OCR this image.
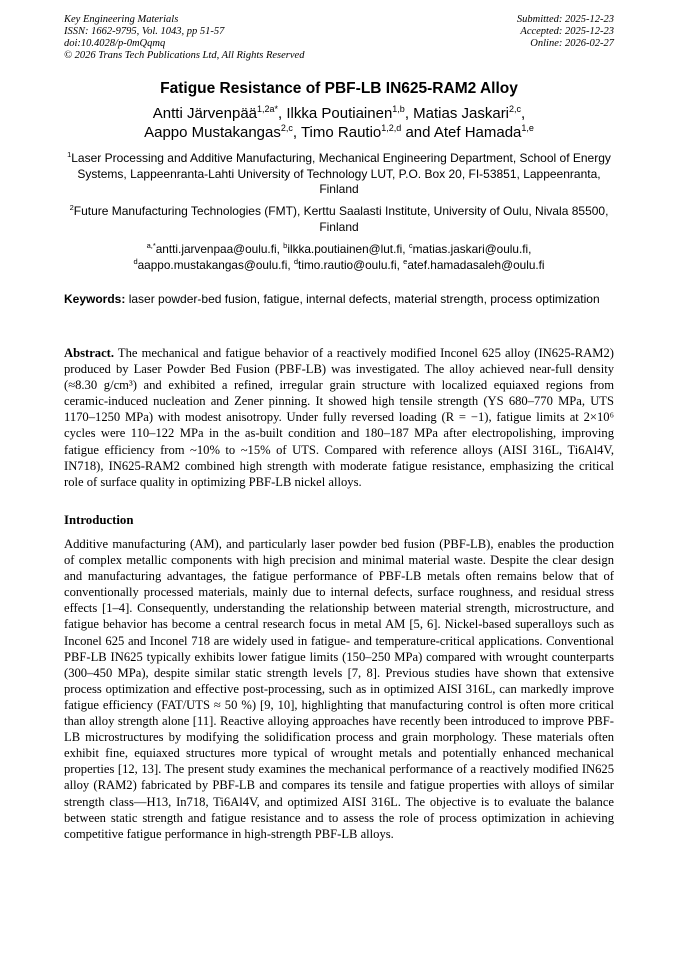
Key Engineering Materials
ISSN: 1662-9795, Vol. 1043, pp 51-57
doi:10.4028/p-0mQqmq
© 2026 Trans Tech Publications Ltd, All Rights Reserved
Submitted: 2025-12-23
Accepted: 2025-12-23
Online: 2026-02-27
Fatigue Resistance of PBF-LB IN625-RAM2 Alloy
Antti Järvenpää$^{1,2a*}$, Ilkka Poutiainen$^{1,b}$, Matias Jaskari$^{2,c}$,
Aappo Mustakangas$^{2,c}$, Timo Rautio$^{1,2,d}$ and Atef Hamada$^{1,e}$
$^1$Laser Processing and Additive Manufacturing, Mechanical Engineering Department, School of Energy Systems, Lappeenranta-Lahti University of Technology LUT, P.O. Box 20, FI-53851, Lappeenranta, Finland
$^2$Future Manufacturing Technologies (FMT), Kerttu Saalasti Institute, University of Oulu, Nivala 85500, Finland
$^{a,*}$antti.jarvenpaa@oulu.fi, $^b$ilkka.poutiainen@lut.fi, $^c$matias.jaskari@oulu.fi,
$^d$aappo.mustakangas@oulu.fi, $^d$timo.rautio@oulu.fi, $^e$atef.hamadasaleh@oulu.fi
Keywords: laser powder-bed fusion, fatigue, internal defects, material strength, process optimization
Abstract. The mechanical and fatigue behavior of a reactively modified Inconel 625 alloy (IN625-RAM2) produced by Laser Powder Bed Fusion (PBF-LB) was investigated. The alloy achieved near-full density (≈8.30 g/cm³) and exhibited a refined, irregular grain structure with localized equiaxed regions from ceramic-induced nucleation and Zener pinning. It showed high tensile strength (YS 680–770 MPa, UTS 1170–1250 MPa) with modest anisotropy. Under fully reversed loading (R = −1), fatigue limits at 2×10⁶ cycles were 110–122 MPa in the as-built condition and 180–187 MPa after electropolishing, improving fatigue efficiency from ~10% to ~15% of UTS. Compared with reference alloys (AISI 316L, Ti6Al4V, IN718), IN625-RAM2 combined high strength with moderate fatigue resistance, emphasizing the critical role of surface quality in optimizing PBF-LB nickel alloys.
Introduction
Additive manufacturing (AM), and particularly laser powder bed fusion (PBF-LB), enables the production of complex metallic components with high precision and minimal material waste. Despite the clear design and manufacturing advantages, the fatigue performance of PBF-LB metals often remains below that of conventionally processed materials, mainly due to internal defects, surface roughness, and residual stress effects [1–4]. Consequently, understanding the relationship between material strength, microstructure, and fatigue behavior has become a central research focus in metal AM [5, 6]. Nickel-based superalloys such as Inconel 625 and Inconel 718 are widely used in fatigue- and temperature-critical applications. Conventional PBF-LB IN625 typically exhibits lower fatigue limits (150–250 MPa) compared with wrought counterparts (300–450 MPa), despite similar static strength levels [7, 8]. Previous studies have shown that extensive process optimization and effective post-processing, such as in optimized AISI 316L, can markedly improve fatigue efficiency (FAT/UTS ≈ 50 %) [9, 10], highlighting that manufacturing control is often more critical than alloy strength alone [11]. Reactive alloying approaches have recently been introduced to improve PBF-LB microstructures by modifying the solidification process and grain morphology. These materials often exhibit fine, equiaxed structures more typical of wrought metals and potentially enhanced mechanical properties [12, 13]. The present study examines the mechanical performance of a reactively modified IN625 alloy (RAM2) fabricated by PBF-LB and compares its tensile and fatigue properties with alloys of similar strength class—H13, In718, Ti6Al4V, and optimized AISI 316L. The objective is to evaluate the balance between static strength and fatigue resistance and to assess the role of process optimization in achieving competitive fatigue performance in high-strength PBF-LB alloys.
